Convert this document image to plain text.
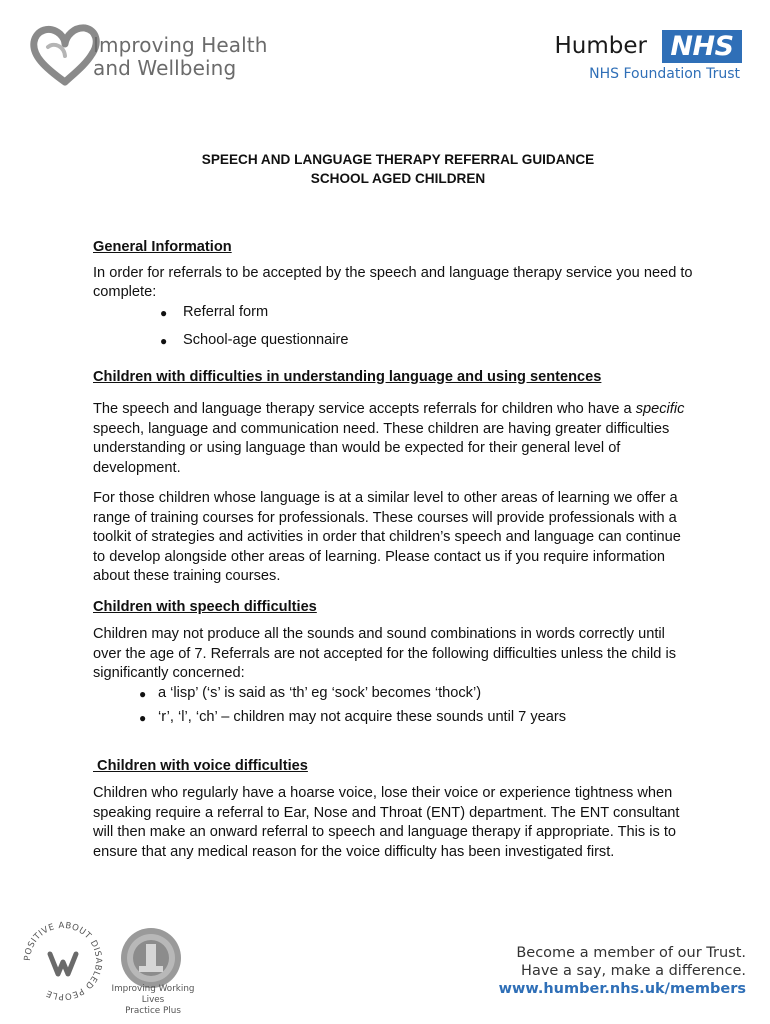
Improving Health
and Wellbeing
Humber NHS
NHS Foundation Trust
SPEECH AND LANGUAGE THERAPY REFERRAL GUIDANCE
SCHOOL AGED CHILDREN
General Information

In order for referrals to be accepted by the speech and language therapy service you need to complete:

● Referral form
● School-age questionnaire
Children with difficulties in understanding language and using sentences

The speech and language therapy service accepts referrals for children who have a specific speech, language and communication need. These children are having greater difficulties understanding or using language than would be expected for their general level of development.

For those children whose language is at a similar level to other areas of learning we offer a range of training courses for professionals. These courses will provide professionals with a toolkit of strategies and activities in order that children’s speech and language can continue to develop alongside other areas of learning. Please contact us if you require information about these training courses.

Children with speech difficulties

Children may not produce all the sounds and sound combinations in words correctly until over the age of 7. Referrals are not accepted for the following difficulties unless the child is significantly concerned:

● a ‘lisp’ (‘s’ is said as ‘th’ eg ‘sock’ becomes ‘thock’)
● ‘r’, ‘l’, ‘ch’ – children may not acquire these sounds until 7 years
Children with voice difficulties

Children who regularly have a hoarse voice, lose their voice or experience tightness when speaking require a referral to Ear, Nose and Throat (ENT) department. The ENT consultant will then make an onward referral to speech and language therapy if appropriate. This is to ensure that any medical reason for the voice difficulty has been investigated first.

POSITIVE ABOUT DISABLED PEOPLE	Improving Working Lives
Practice Plus
Become a member of our Trust.
Have a say, make a difference.
www.humber.nhs.uk/members
